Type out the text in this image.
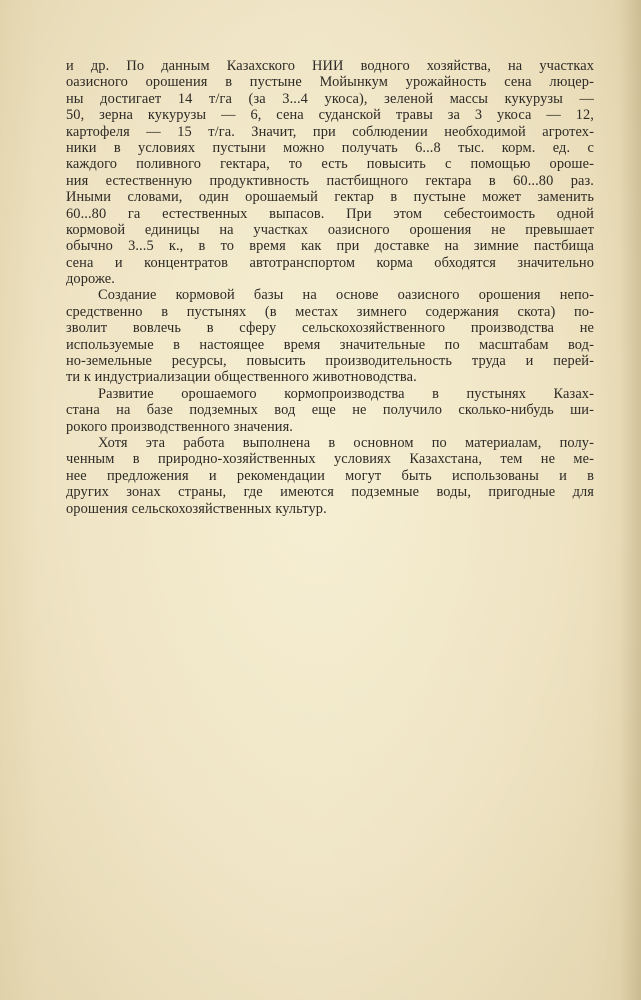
и др. По данным Казахского НИИ водного хозяйства, на участках
оазисного орошения в пустыне Мойынкум урожайность сена люцер-
ны достигает 14 т/га (за 3...4 укоса), зеленой массы кукурузы —
50, зерна кукурузы — 6, сена суданской травы за 3 укоса — 12,
картофеля — 15 т/га. Значит, при соблюдении необходимой агротех-
ники в условиях пустыни можно получать 6...8 тыс. корм. ед. с
каждого поливного гектара, то есть повысить с помощью ороше-
ния естественную продуктивность пастбищного гектара в 60...80 раз.
Иными словами, один орошаемый гектар в пустыне может заменить
60...80 га естественных выпасов. При этом себестоимость одной
кормовой единицы на участках оазисного орошения не превышает
обычно 3...5 к., в то время как при доставке на зимние пастбища
сена и концентратов автотранспортом корма обходятся значительно
дороже.
Создание кормовой базы на основе оазисного орошения непо-
средственно в пустынях (в местах зимнего содержания скота) по-
зволит вовлечь в сферу сельскохозяйственного производства не
используемые в настоящее время значительные по масштабам вод-
но-земельные ресурсы, повысить производительность труда и перей-
ти к индустриализации общественного животноводства.
Развитие орошаемого кормопроизводства в пустынях Казах-
стана на базе подземных вод еще не получило сколько-нибудь ши-
рокого производственного значения.
Хотя эта работа выполнена в основном по материалам, полу-
ченным в природно-хозяйственных условиях Казахстана, тем не ме-
нее предложения и рекомендации могут быть использованы и в
других зонах страны, где имеются подземные воды, пригодные для
орошения сельскохозяйственных культур.
